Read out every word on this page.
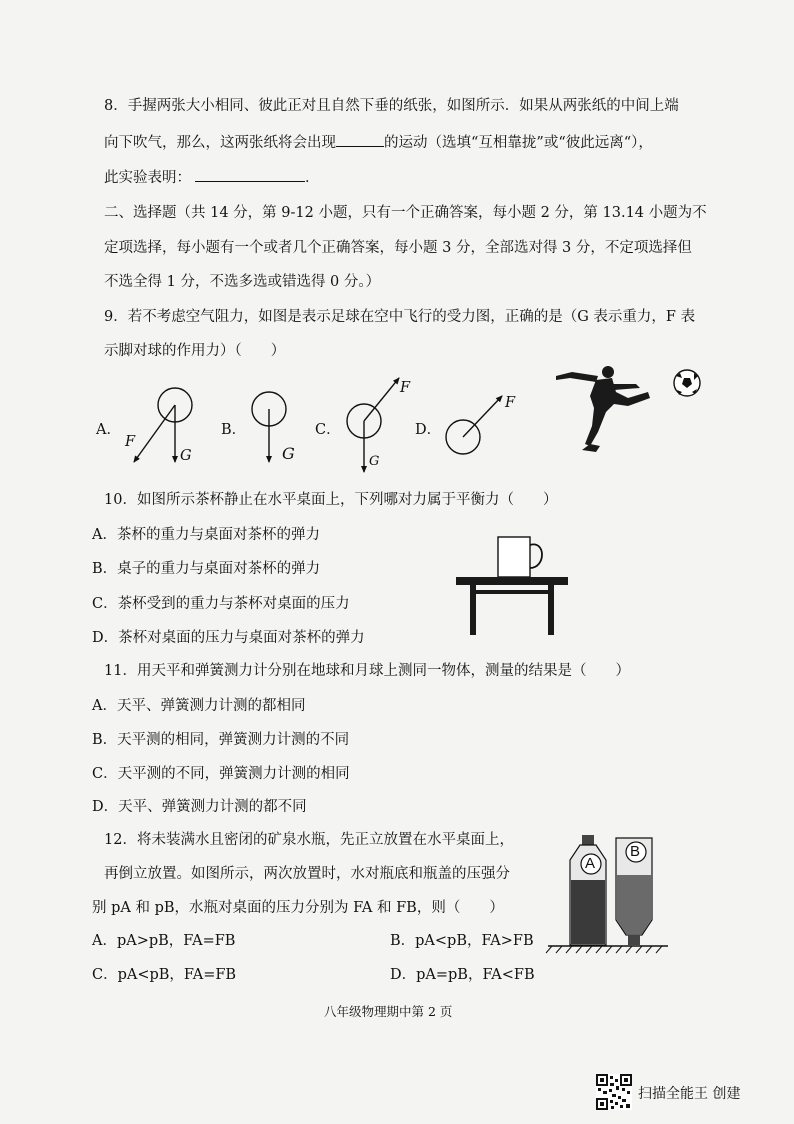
8．手握两张大小相同、彼此正对且自然下垂的纸张，如图所示．如果从两张纸的中间上端
向下吹气，那么，这两张纸将会出现	的运动（选填“互相靠拢”或“彼此远离“），
此实验表明：	．
二、选择题（共 14 分，第 9-12 小题，只有一个正确答案，每小题 2 分，第 13.14 小题为不
定项选择，每小题有一个或者几个正确答案，每小题 3 分，全部选对得 3 分，不定项选择但
不选全得 1 分，不选多选或错选得 0 分。）
9．若不考虑空气阻力，如图是表示足球在空中飞行的受力图，正确的是（G 表示重力，F 表
示脚对球的作用力）（　　）
A．	B．	C．	D．
F
G	G	G
F
F
10．如图所示茶杯静止在水平桌面上，下列哪对力属于平衡力（　　）
A．茶杯的重力与桌面对茶杯的弹力
B．桌子的重力与桌面对茶杯的弹力
C．茶杯受到的重力与茶杯对桌面的压力
D．茶杯对桌面的压力与桌面对茶杯的弹力
11．用天平和弹簧测力计分别在地球和月球上测同一物体，测量的结果是（　　）
A．天平、弹簧测力计测的都相同
B．天平测的相同，弹簧测力计测的不同
C．天平测的不同，弹簧测力计测的相同
D．天平、弹簧测力计测的都不同
12．将未装满水且密闭的矿泉水瓶，先正立放置在水平桌面上，
再倒立放置。如图所示，两次放置时，水对瓶底和瓶盖的压强分
别 pA 和 pB，水瓶对桌面的压力分别为 FA 和 FB，则（　　）
A．pA>pB，FA=FB	B．pA<pB，FA>FB
C．pA<pB，FA=FB	D．pA=pB，FA<FB
A
B
八年级物理期中第 2 页
扫描全能王 创建
